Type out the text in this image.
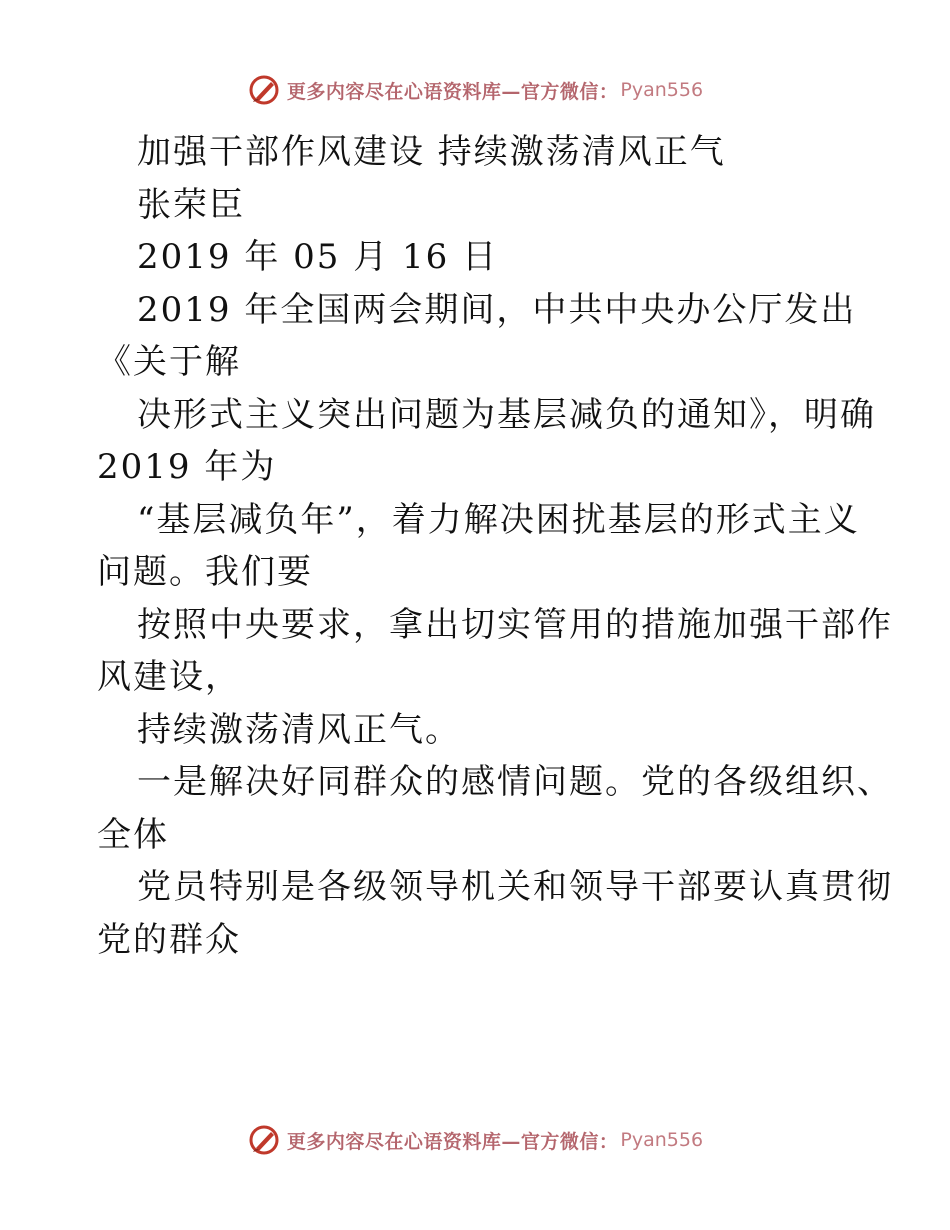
更多内容尽在心语资料库—官方微信： Pyan556
加强干部作风建设 持续激荡清风正气
张荣臣
2019 年 05 月 16 日
2019 年全国两会期间，中共中央办公厅发出
《关于解
决形式主义突出问题为基层减负的通知》，明确
2019 年为
“基层减负年”，着力解决困扰基层的形式主义
问题。我们要
按照中央要求，拿出切实管用的措施加强干部作
风建设，
持续激荡清风正气。
一是解决好同群众的感情问题。党的各级组织、
全体
党员特别是各级领导机关和领导干部要认真贯彻
党的群众
更多内容尽在心语资料库—官方微信： Pyan556
